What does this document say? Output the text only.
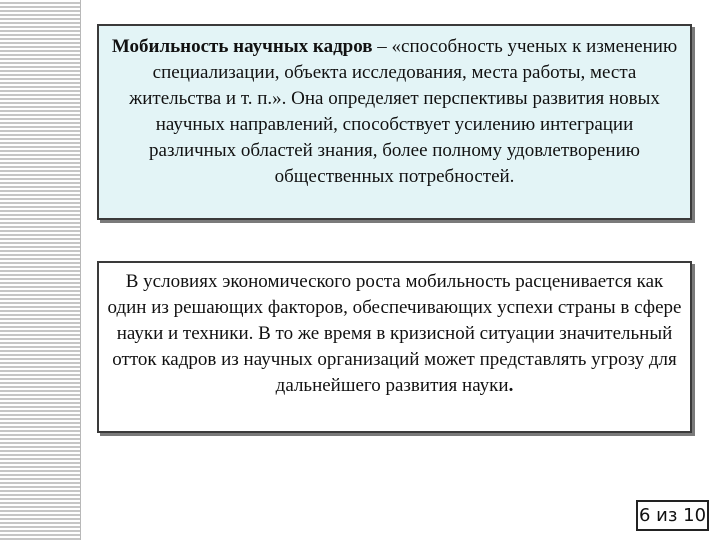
Мобильность научных кадров – «способность ученых к изменению специализации, объекта исследования, места работы, места жительства и т. п.». Она определяет перспективы развития новых научных направлений, способствует усилению интеграции различных областей знания, более полному удовлетворению общественных потребностей.
В условиях экономического роста мобильность расценивается как один из решающих факторов, обеспечивающих успехи страны в сфере науки и техники. В то же время в кризисной ситуации значительный отток кадров из научных организаций может представлять угрозу для дальнейшего развития науки.
6 из 10
